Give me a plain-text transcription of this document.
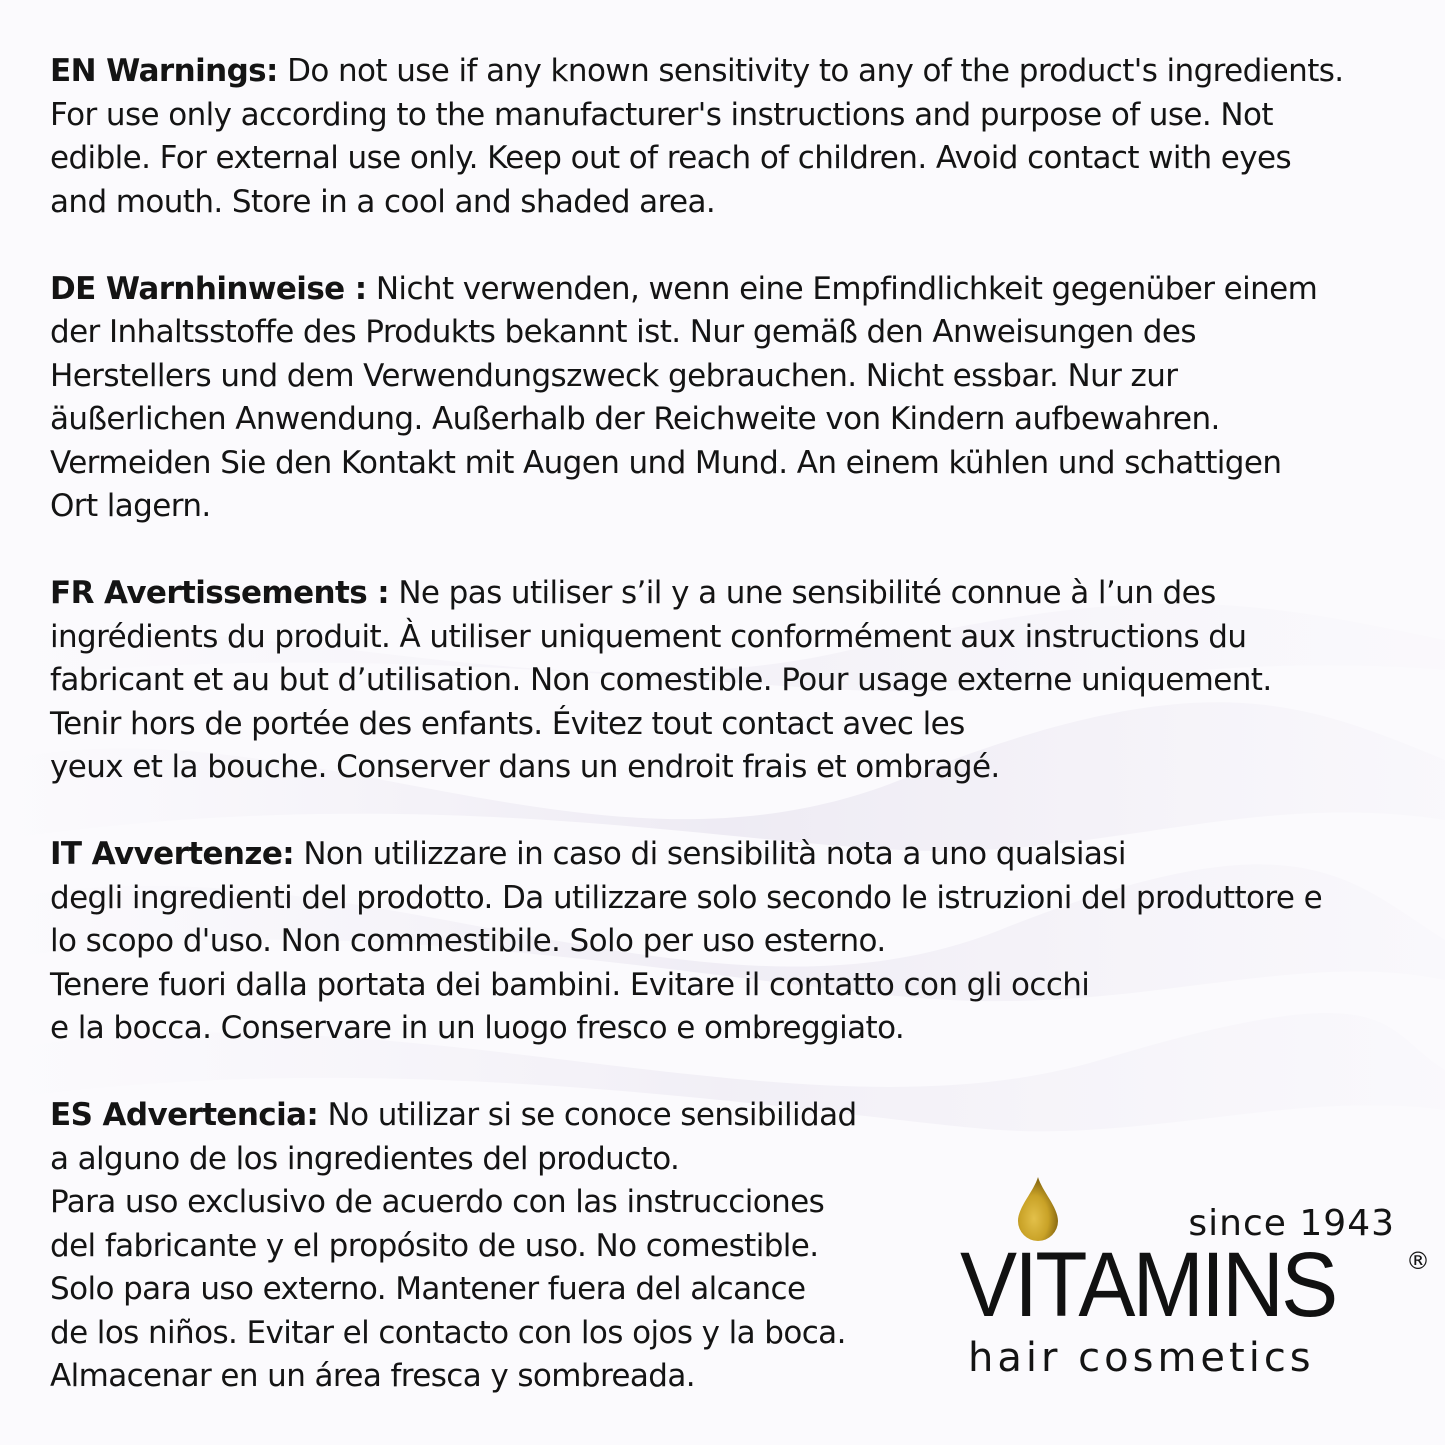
EN Warnings: Do not use if any known sensitivity to any of the product's ingredients.
For use only according to the manufacturer's instructions and purpose of use. Not
edible. For external use only. Keep out of reach of children. Avoid contact with eyes
and mouth. Store in a cool and shaded area.

DE Warnhinweise : Nicht verwenden, wenn eine Empfindlichkeit gegenüber einem
der Inhaltsstoffe des Produkts bekannt ist. Nur gemäß den Anweisungen des
Herstellers und dem Verwendungszweck gebrauchen. Nicht essbar. Nur zur
äußerlichen Anwendung. Außerhalb der Reichweite von Kindern aufbewahren.
Vermeiden Sie den Kontakt mit Augen und Mund. An einem kühlen und schattigen
Ort lagern.

FR Avertissements : Ne pas utiliser s’il y a une sensibilité connue à l’un des
ingrédients du produit. À utiliser uniquement conformément aux instructions du
fabricant et au but d’utilisation. Non comestible. Pour usage externe uniquement.
Tenir hors de portée des enfants. Évitez tout contact avec les
yeux et la bouche. Conserver dans un endroit frais et ombragé.

IT Avvertenze: Non utilizzare in caso di sensibilità nota a uno qualsiasi
degli ingredienti del prodotto. Da utilizzare solo secondo le istruzioni del produttore e
lo scopo d'uso. Non commestibile. Solo per uso esterno.
Tenere fuori dalla portata dei bambini. Evitare il contatto con gli occhi
e la bocca. Conservare in un luogo fresco e ombreggiato.

ES Advertencia: No utilizar si se conoce sensibilidad
a alguno de los ingredientes del producto.
Para uso exclusivo de acuerdo con las instrucciones
del fabricante y el propósito de uso. No comestible.
Solo para uso externo. Mantener fuera del alcance
de los niños. Evitar el contacto con los ojos y la boca.
Almacenar en un área fresca y sombreada.

since 1943
VITAMINS	®
hair cosmetics
